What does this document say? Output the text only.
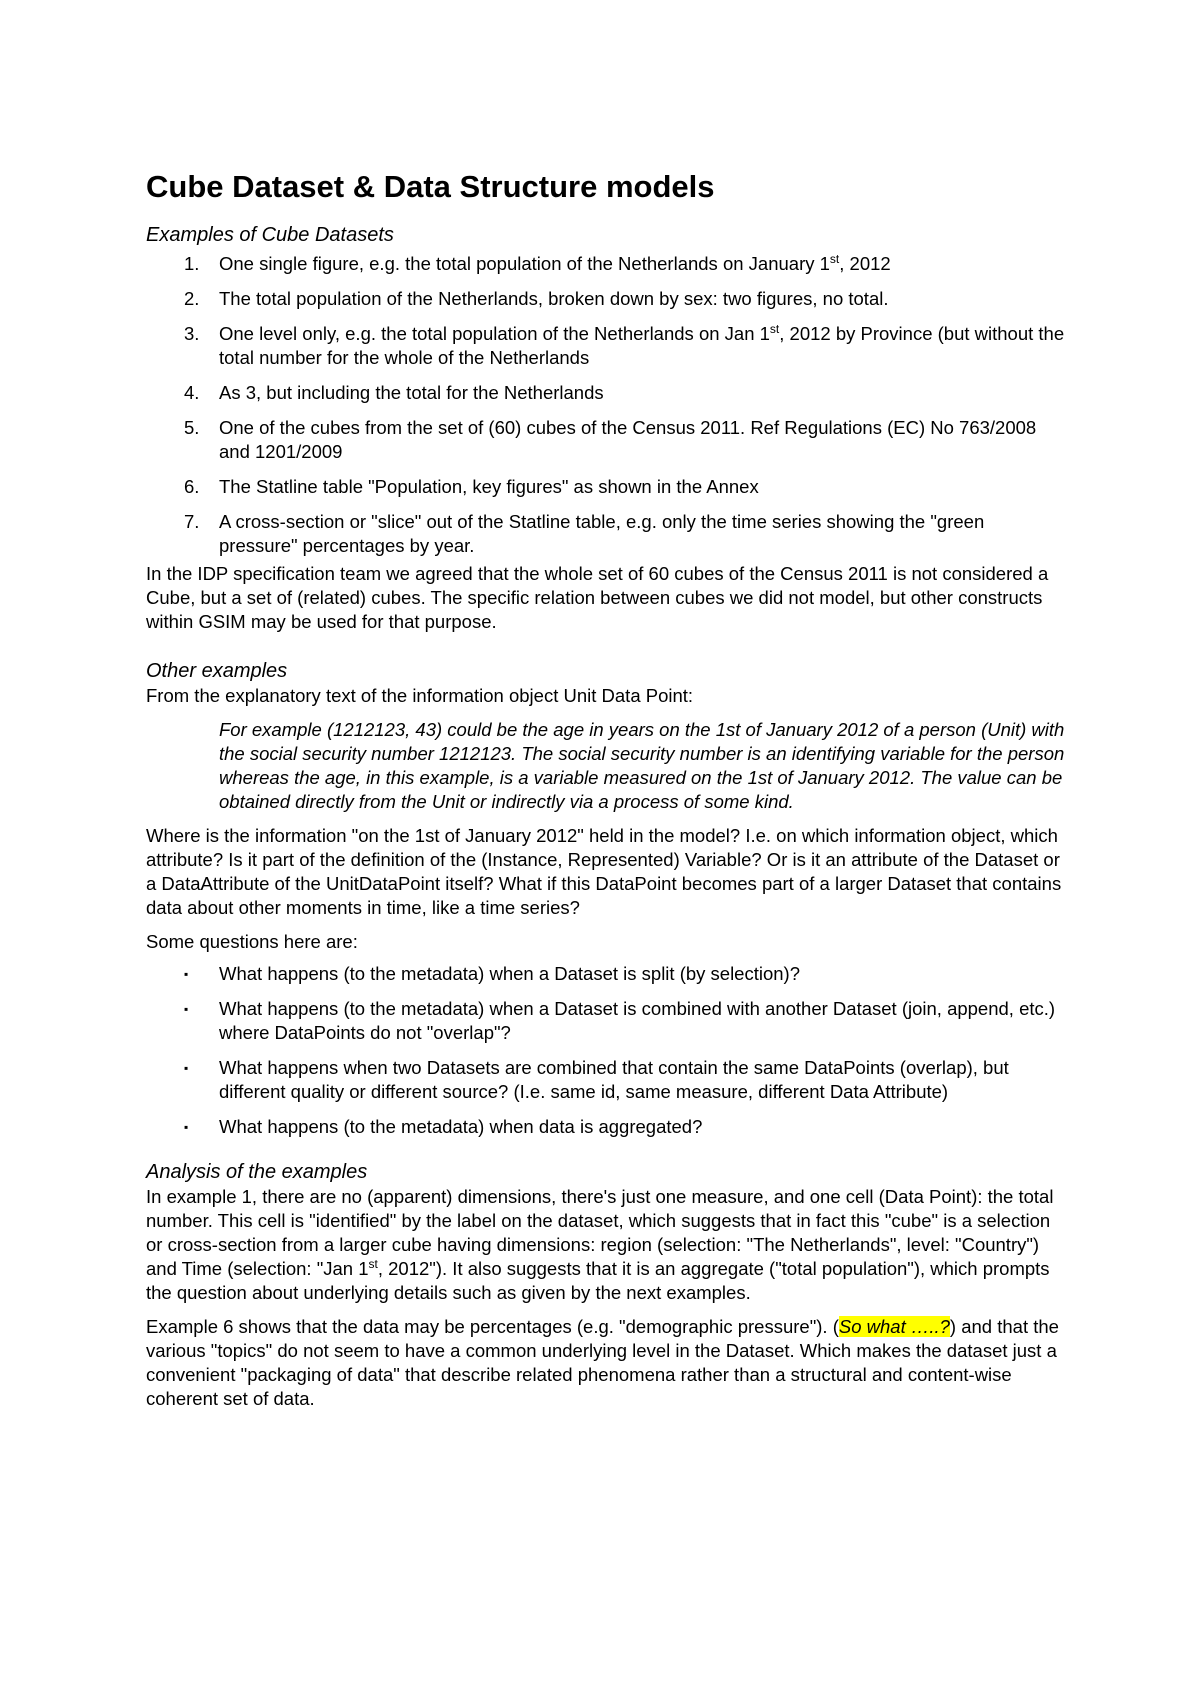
Cube Dataset & Data Structure models
Examples of Cube Datasets
1. One single figure, e.g. the total population of the Netherlands on January 1st, 2012
2. The total population of the Netherlands, broken down by sex: two figures, no total.
3. One level only, e.g. the total population of the Netherlands on Jan 1st, 2012 by Province (but without the total number for the whole of the Netherlands
4. As 3, but including the total for the Netherlands
5. One of the cubes from the set of (60) cubes of the Census 2011. Ref Regulations (EC) No 763/2008 and 1201/2009
6. The Statline table "Population, key figures" as shown in the Annex
7. A cross-section or "slice" out of the Statline table, e.g. only the time series showing the "green pressure" percentages by year.

In the IDP specification team we agreed that the whole set of 60 cubes of the Census 2011 is not considered a Cube, but a set of (related) cubes. The specific relation between cubes we did not model, but other constructs within GSIM may be used for that purpose.

Other examples

From the explanatory text of the information object Unit Data Point:

For example (1212123, 43) could be the age in years on the 1st of January 2012 of a person (Unit) with the social security number 1212123. The social security number is an identifying variable for the person whereas the age, in this example, is a variable measured on the 1st of January 2012. The value can be obtained directly from the Unit or indirectly via a process of some kind.

Where is the information "on the 1st of January 2012" held in the model? I.e. on which information object, which attribute? Is it part of the definition of the (Instance, Represented) Variable? Or is it an attribute of the Dataset or a DataAttribute of the UnitDataPoint itself? What if this DataPoint becomes part of a larger Dataset that contains data about other moments in time, like a time series?

Some questions here are:

▪ What happens (to the metadata) when a Dataset is split (by selection)?
▪ What happens (to the metadata) when a Dataset is combined with another Dataset (join, append, etc.) where DataPoints do not "overlap"?
▪ What happens when two Datasets are combined that contain the same DataPoints (overlap), but different quality or different source? (I.e. same id, same measure, different Data Attribute)
▪ What happens (to the metadata) when data is aggregated?
Analysis of the examples

In example 1, there are no (apparent) dimensions, there's just one measure, and one cell (Data Point): the total number. This cell is "identified" by the label on the dataset, which suggests that in fact this "cube" is a selection or cross-section from a larger cube having dimensions: region (selection: "The Netherlands", level: "Country") and Time (selection: "Jan 1st, 2012"). It also suggests that it is an aggregate ("total population"), which prompts the question about underlying details such as given by the next examples.

Example 6 shows that the data may be percentages (e.g. "demographic pressure"). (So what …..?) and that the various "topics" do not seem to have a common underlying level in the Dataset. Which makes the dataset just a convenient "packaging of data" that describe related phenomena rather than a structural and content-wise coherent set of data.
